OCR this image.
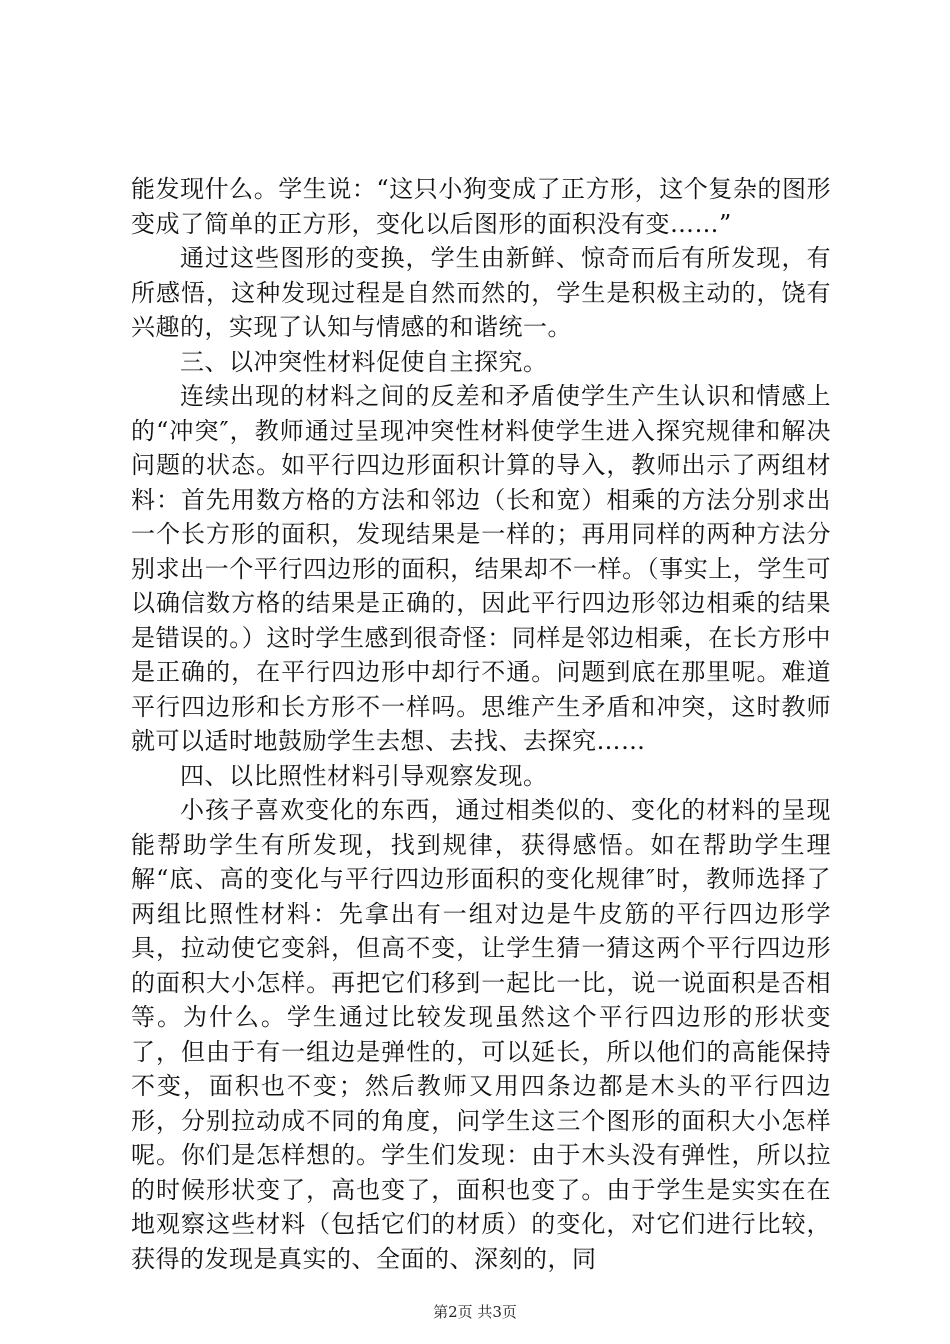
能发现什么。学生说：“这只小狗变成了正方形，这个复杂的图形变成了简单的正方形，变化以后图形的面积没有变……”

通过这些图形的变换，学生由新鲜、惊奇而后有所发现，有所感悟，这种发现过程是自然而然的，学生是积极主动的，饶有兴趣的，实现了认知与情感的和谐统一。

三、以冲突性材料促使自主探究。

连续出现的材料之间的反差和矛盾使学生产生认识和情感上的“冲突″，教师通过呈现冲突性材料使学生进入探究规律和解决问题的状态。如平行四边形面积计算的导入，教师出示了两组材料：首先用数方格的方法和邻边（长和宽）相乘的方法分别求出一个长方形的面积，发现结果是一样的；再用同样的两种方法分别求出一个平行四边形的面积，结果却不一样。（事实上，学生可以确信数方格的结果是正确的，因此平行四边形邻边相乘的结果是错误的。）这时学生感到很奇怪：同样是邻边相乘，在长方形中是正确的，在平行四边形中却行不通。问题到底在那里呢。难道平行四边形和长方形不一样吗。思维产生矛盾和冲突，这时教师就可以适时地鼓励学生去想、去找、去探究……

四、以比照性材料引导观察发现。

小孩子喜欢变化的东西，通过相类似的、变化的材料的呈现能帮助学生有所发现，找到规律，获得感悟。如在帮助学生理解“底、高的变化与平行四边形面积的变化规律″时，教师选择了两组比照性材料：先拿出有一组对边是牛皮筋的平行四边形学具，拉动使它变斜，但高不变，让学生猜一猜这两个平行四边形的面积大小怎样。再把它们移到一起比一比，说一说面积是否相等。为什么。学生通过比较发现虽然这个平行四边形的形状变了，但由于有一组边是弹性的，可以延长，所以他们的高能保持不变，面积也不变；然后教师又用四条边都是木头的平行四边形，分别拉动成不同的角度，问学生这三个图形的面积大小怎样呢。你们是怎样想的。学生们发现：由于木头没有弹性，所以拉的时候形状变了，高也变了，面积也变了。由于学生是实实在在地观察这些材料（包括它们的材质）的变化，对它们进行比较，获得的发现是真实的、全面的、深刻的，同

第2页 共3页
